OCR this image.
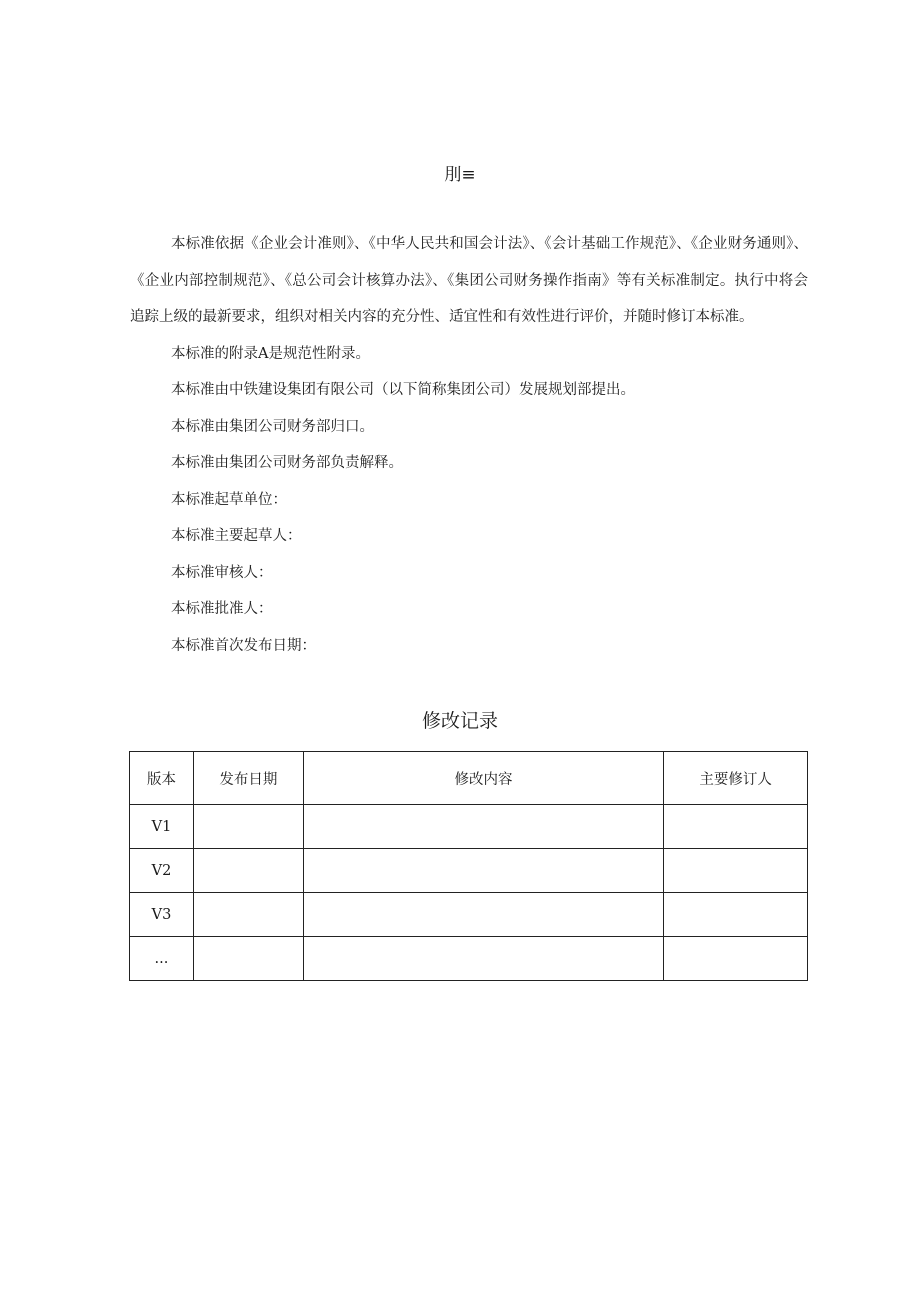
刖≡

本标准依据《企业会计准则》、《中华人民共和国会计法》、《会计基础工作规范》、《企业财务通则》、《企业内部控制规范》、《总公司会计核算办法》、《集团公司财务操作指南》等有关标准制定。执行中将会追踪上级的最新要求，组织对相关内容的充分性、适宜性和有效性进行评价，并随时修订本标准。

本标准的附录A是规范性附录。

本标准由中铁建设集团有限公司（以下简称集团公司）发展规划部提出。

本标准由集团公司财务部归口。

本标准由集团公司财务部负责解释。

本标准起草单位：

本标准主要起草人：

本标准审核人：

本标准批准人：

本标准首次发布日期：

修改记录
版本	发布日期	修改内容	主要修订人
V1			
V2			
V3			
...			
